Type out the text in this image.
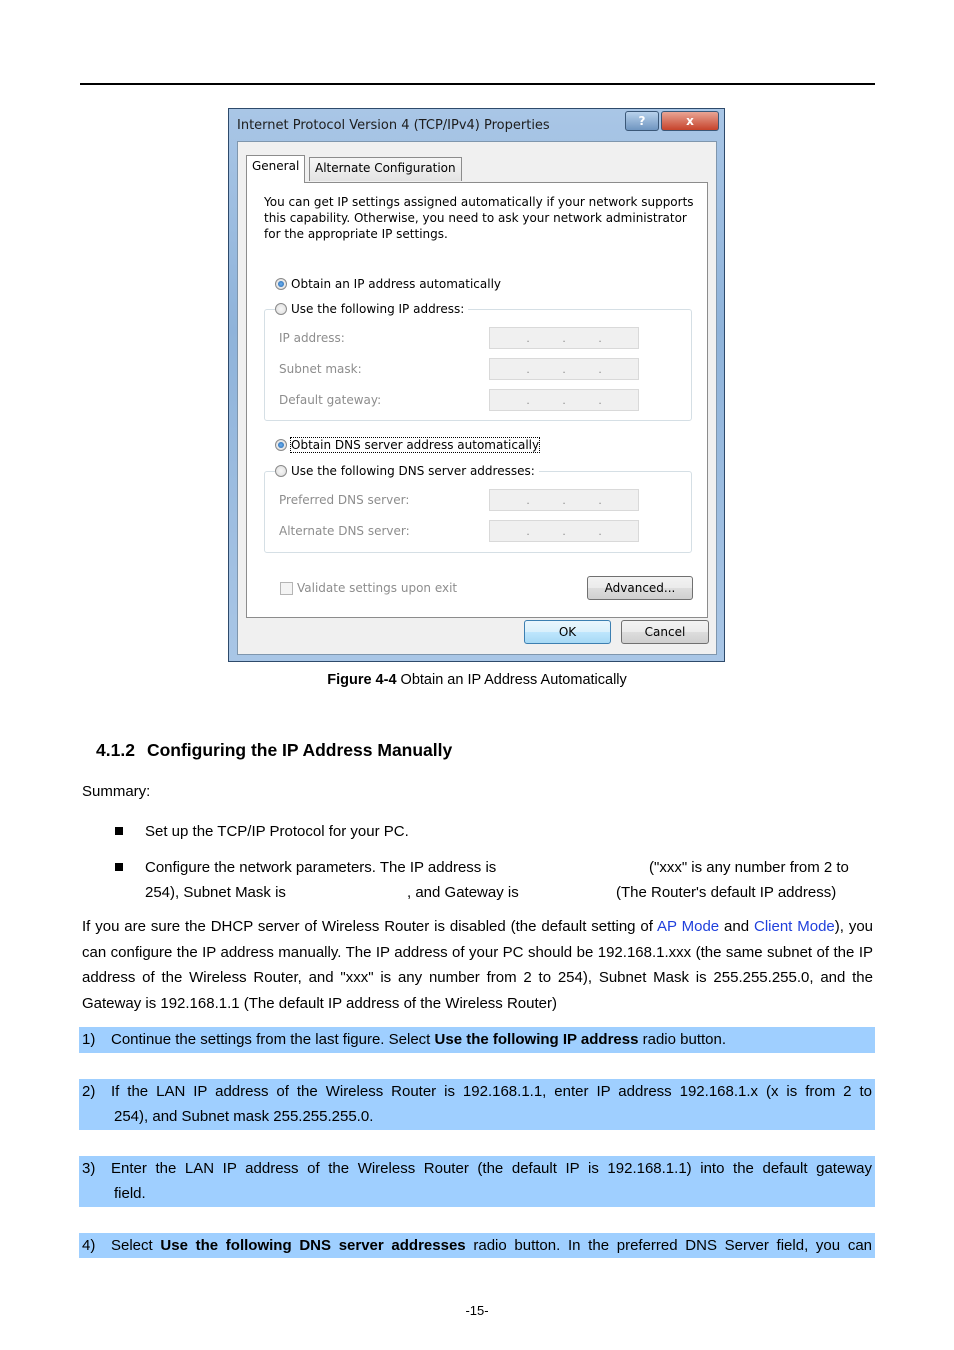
Internet Protocol Version 4 (TCP/IPv4) Properties	?	x
General	Alternate Configuration
You can get IP settings assigned automatically if your network supports this capability. Otherwise, you need to ask your network administrator for the appropriate IP settings.
Obtain an IP address automatically
Use the following IP address:
IP address:	.	.	.
Subnet mask:	.	.	.
Default gateway:	.	.	.
Obtain DNS server address automatically
Use the following DNS server addresses:
Preferred DNS server:	.	.	.
Alternate DNS server:	.	.	.
Validate settings upon exit	Advanced...
OK	Cancel
Figure 4-4 Obtain an IP Address Automatically
4.1.2 Configuring the IP Address Manually
Summary:
Set up the TCP/IP Protocol for your PC.
Configure the network parameters. The IP address is	("xxx" is any number from 2 to
254), Subnet Mask is	, and Gateway is	(The Router's default IP address)
If you are sure the DHCP server of Wireless Router is disabled (the default setting of AP Mode and Client Mode), you can configure the IP address manually. The IP address of your PC should be 192.168.1.xxx (the same subnet of the IP address of the Wireless Router, and "xxx" is any number from 2 to 254), Subnet Mask is 255.255.255.0, and the Gateway is 192.168.1.1 (The default IP address of the Wireless Router)
1) Continue the settings from the last figure. Select Use the following IP address radio button.
2) If the LAN IP address of the Wireless Router is 192.168.1.1, enter IP address 192.168.1.x (x is from 2 to
254), and Subnet mask 255.255.255.0.
3) Enter the LAN IP address of the Wireless Router (the default IP is 192.168.1.1) into the default gateway
field.
4) Select Use the following DNS server addresses radio button. In the preferred DNS Server field, you can
-15-
